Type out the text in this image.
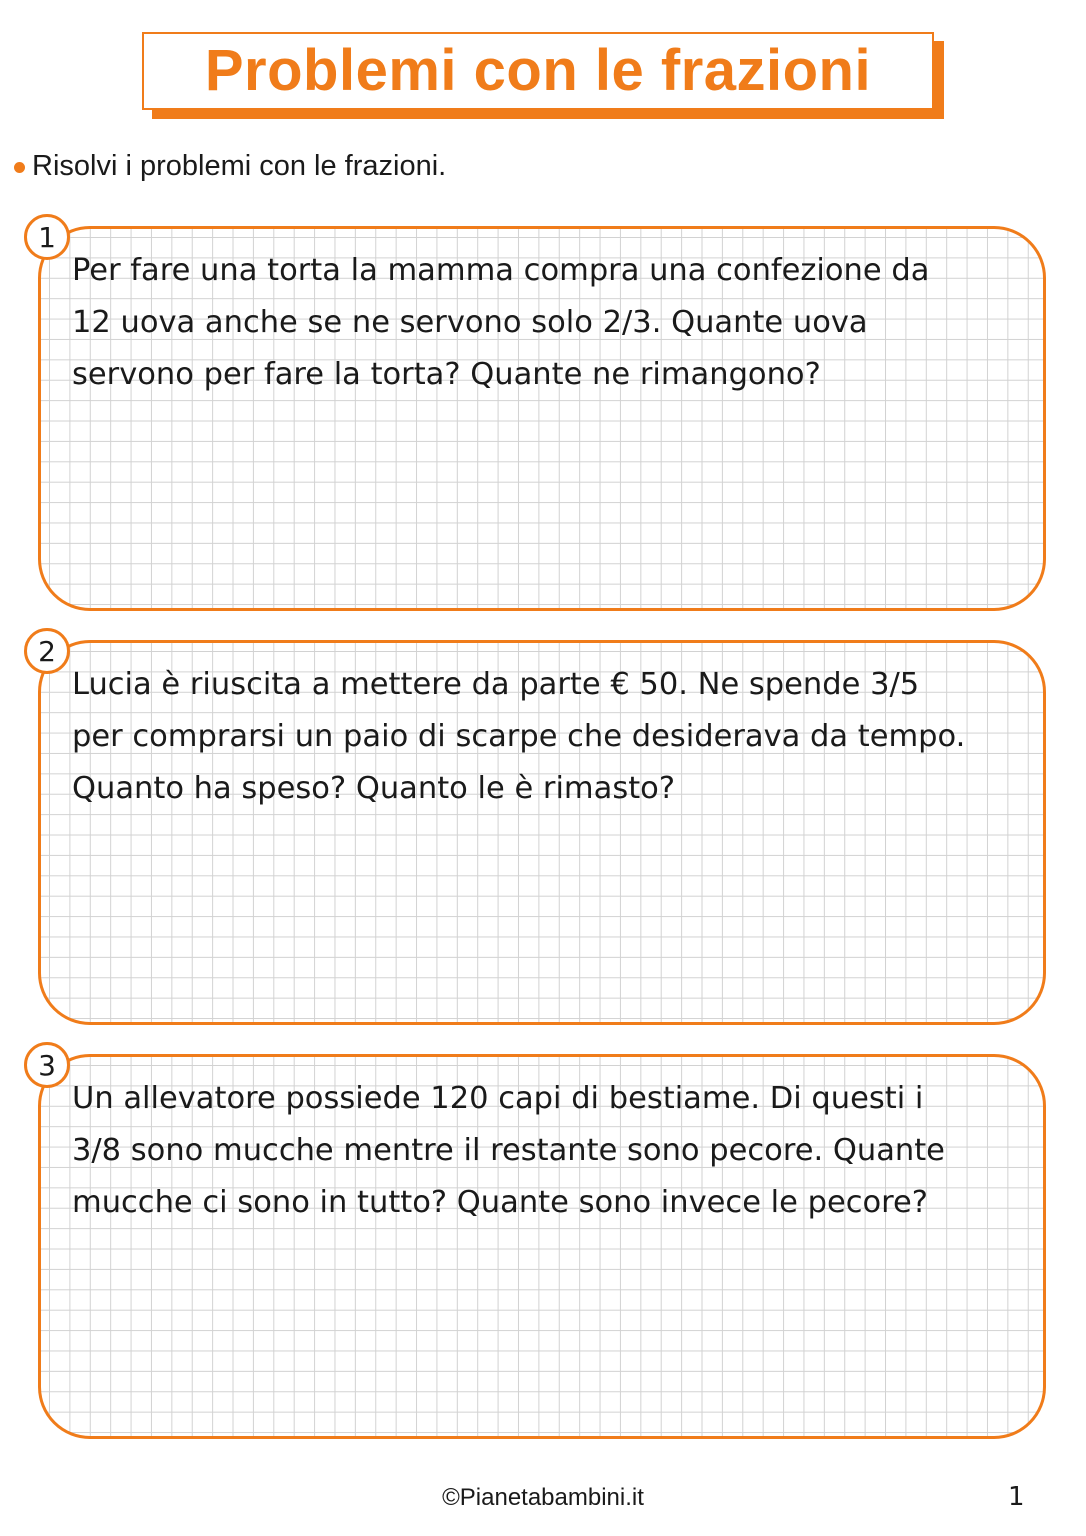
Problemi con le frazioni
Risolvi i problemi con le frazioni.
Per fare una torta la mamma compra una confezione da
12 uova anche se ne servono solo 2/3. Quante uova
servono per fare la torta? Quante ne rimangono?
1
Lucia è riuscita a mettere da parte € 50. Ne spende 3/5
per comprarsi un paio di scarpe che desiderava da tempo.
Quanto ha speso? Quanto le è rimasto?
2
Un allevatore possiede 120 capi di bestiame. Di questi i
3/8 sono mucche mentre il restante sono pecore. Quante
mucche ci sono in tutto? Quante sono invece le pecore?
3
©Pianetabambini.it	1
